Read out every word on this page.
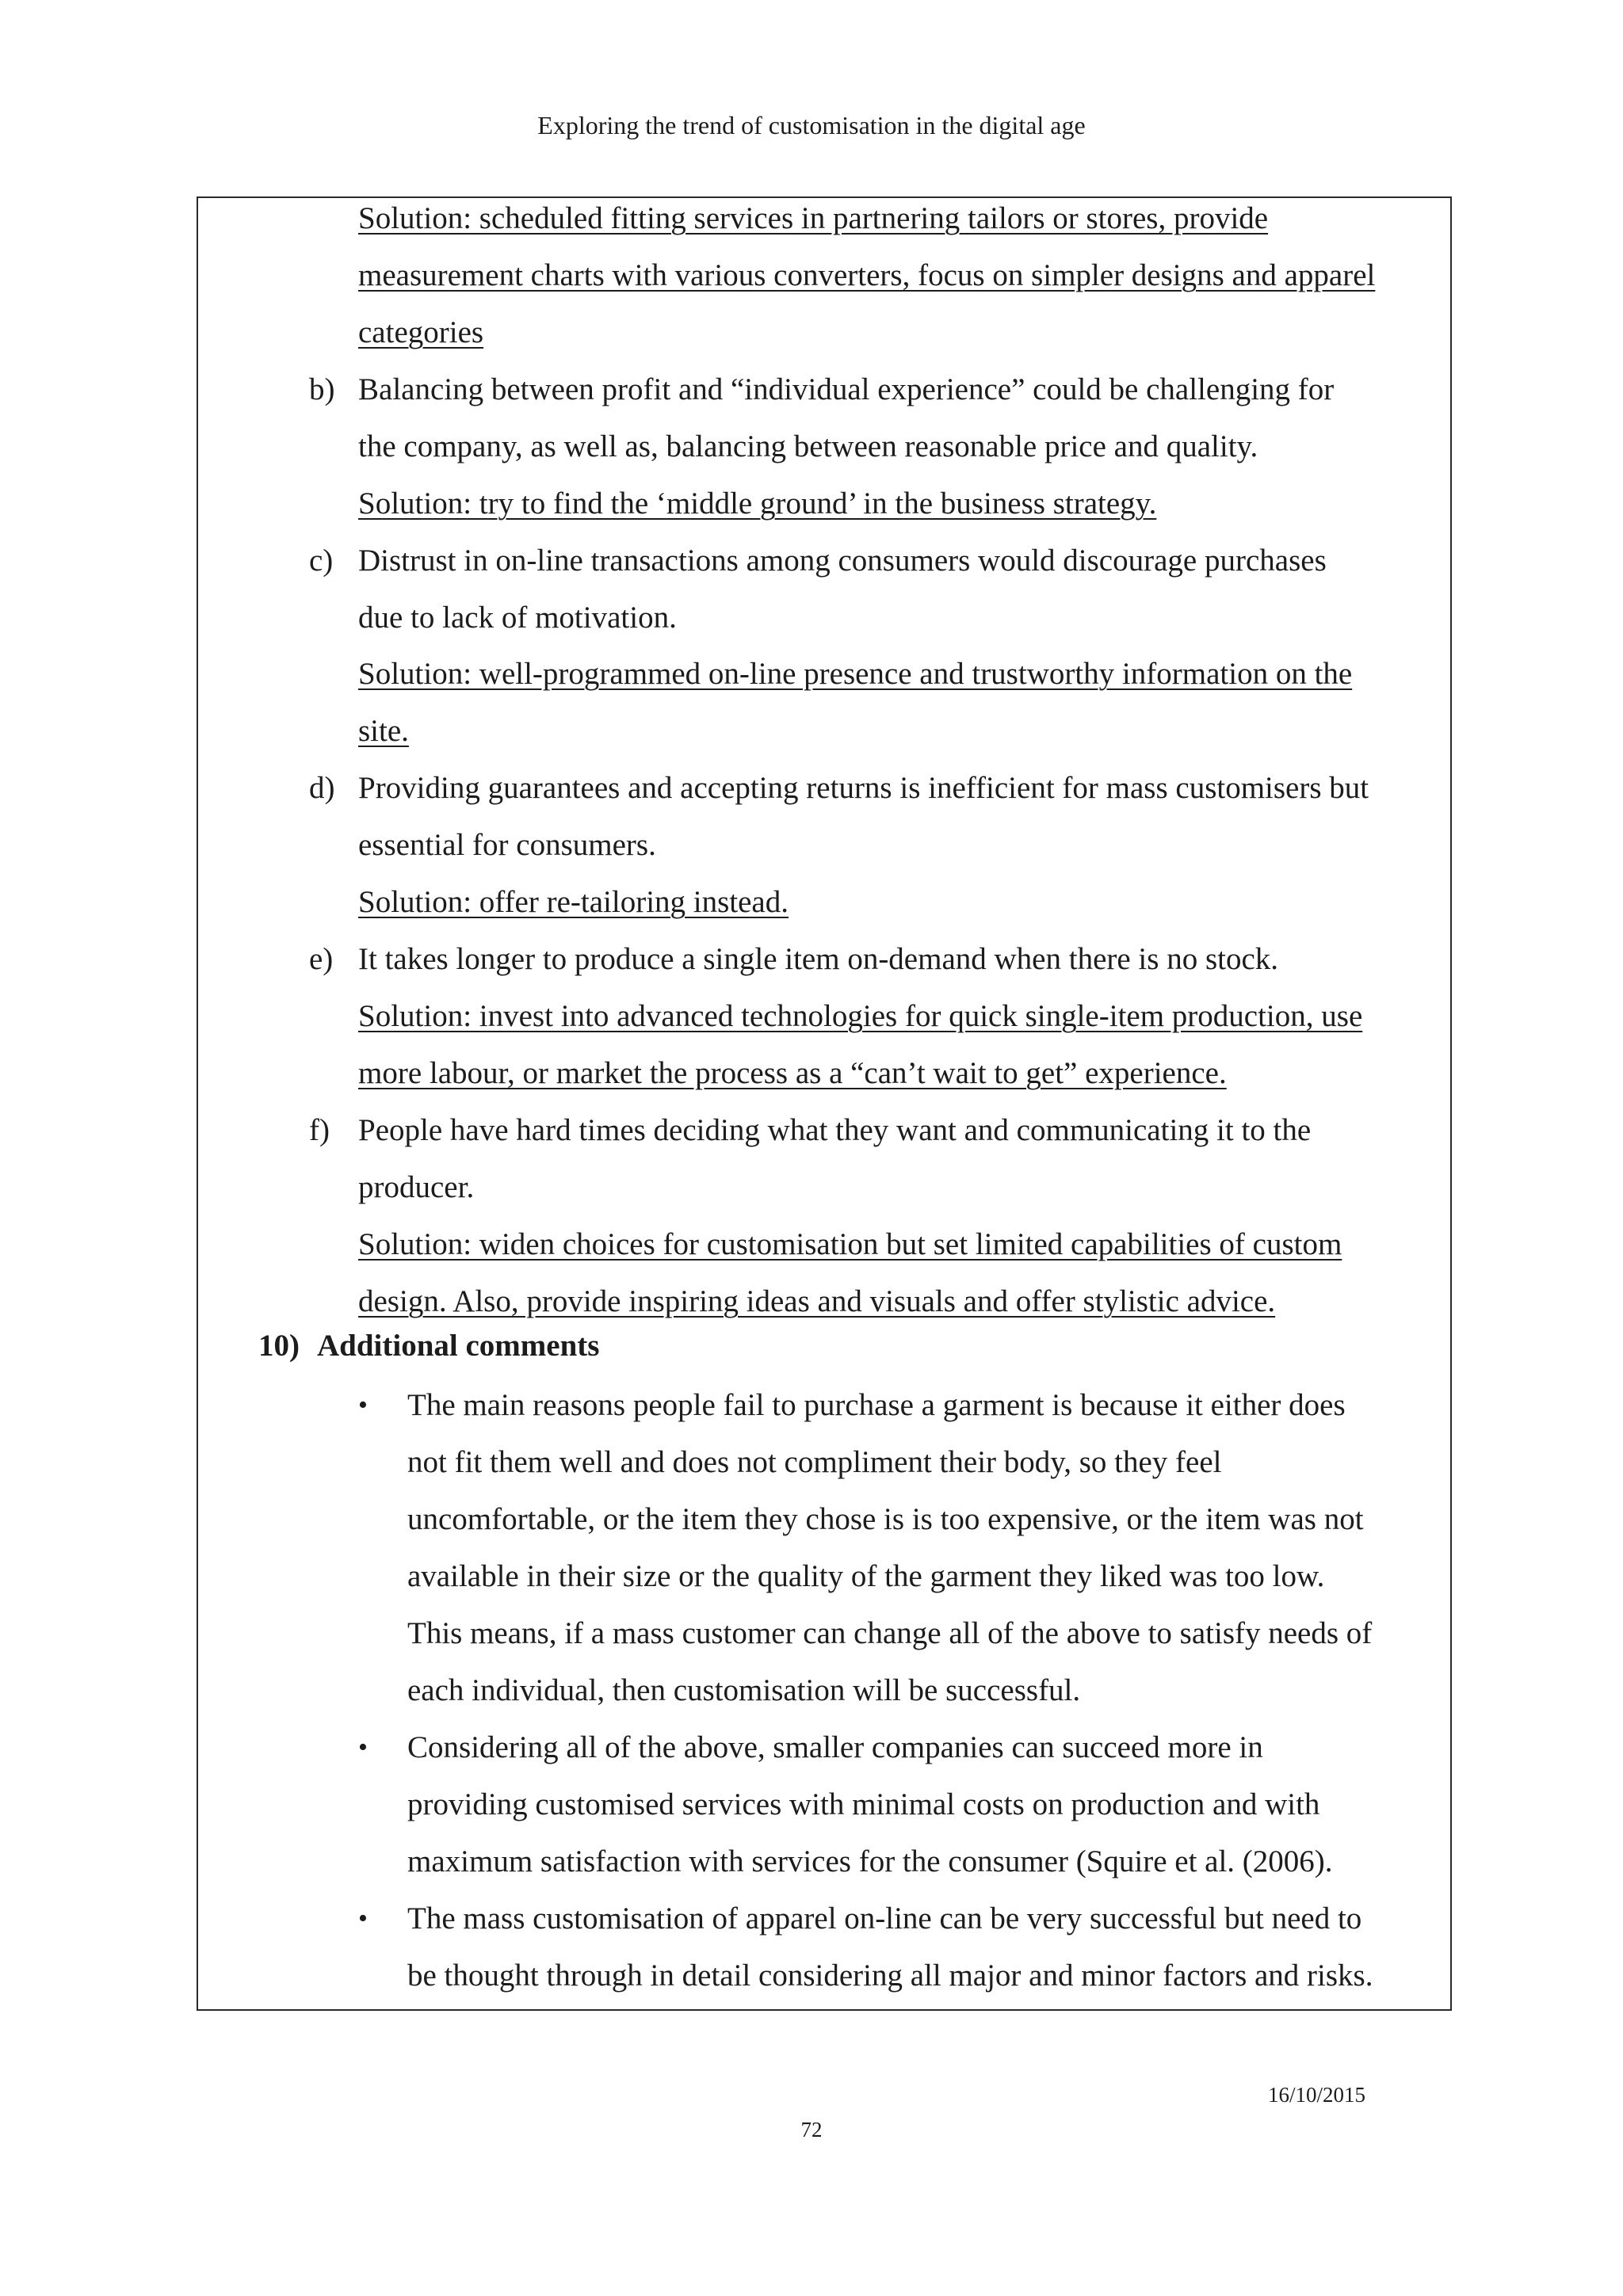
Exploring the trend of customisation in the digital age
Solution: scheduled fitting services in partnering tailors or stores, provide
measurement charts with various converters, focus on simpler designs and apparel
categories
b) Balancing between profit and “individual experience” could be challenging for
the company, as well as, balancing between reasonable price and quality.
Solution: try to find the ‘middle ground’ in the business strategy.
c) Distrust in on-line transactions among consumers would discourage purchases
due to lack of motivation.
Solution: well-programmed on-line presence and trustworthy information on the
site.
d) Providing guarantees and accepting returns is inefficient for mass customisers but
essential for consumers.
Solution: offer re-tailoring instead.
e) It takes longer to produce a single item on-demand when there is no stock.
Solution: invest into advanced technologies for quick single-item production, use
more labour, or market the process as a “can’t wait to get” experience.
f) People have hard times deciding what they want and communicating it to the
producer.
Solution: widen choices for customisation but set limited capabilities of custom
design. Also, provide inspiring ideas and visuals and offer stylistic advice.
10) Additional comments
• The main reasons people fail to purchase a garment is because it either does
not fit them well and does not compliment their body, so they feel
uncomfortable, or the item they chose is is too expensive, or the item was not
available in their size or the quality of the garment they liked was too low.
This means, if a mass customer can change all of the above to satisfy needs of
each individual, then customisation will be successful.
• Considering all of the above, smaller companies can succeed more in
providing customised services with minimal costs on production and with
maximum satisfaction with services for the consumer (Squire et al. (2006).
• The mass customisation of apparel on-line can be very successful but need to
be thought through in detail considering all major and minor factors and risks.
16/10/2015
72
